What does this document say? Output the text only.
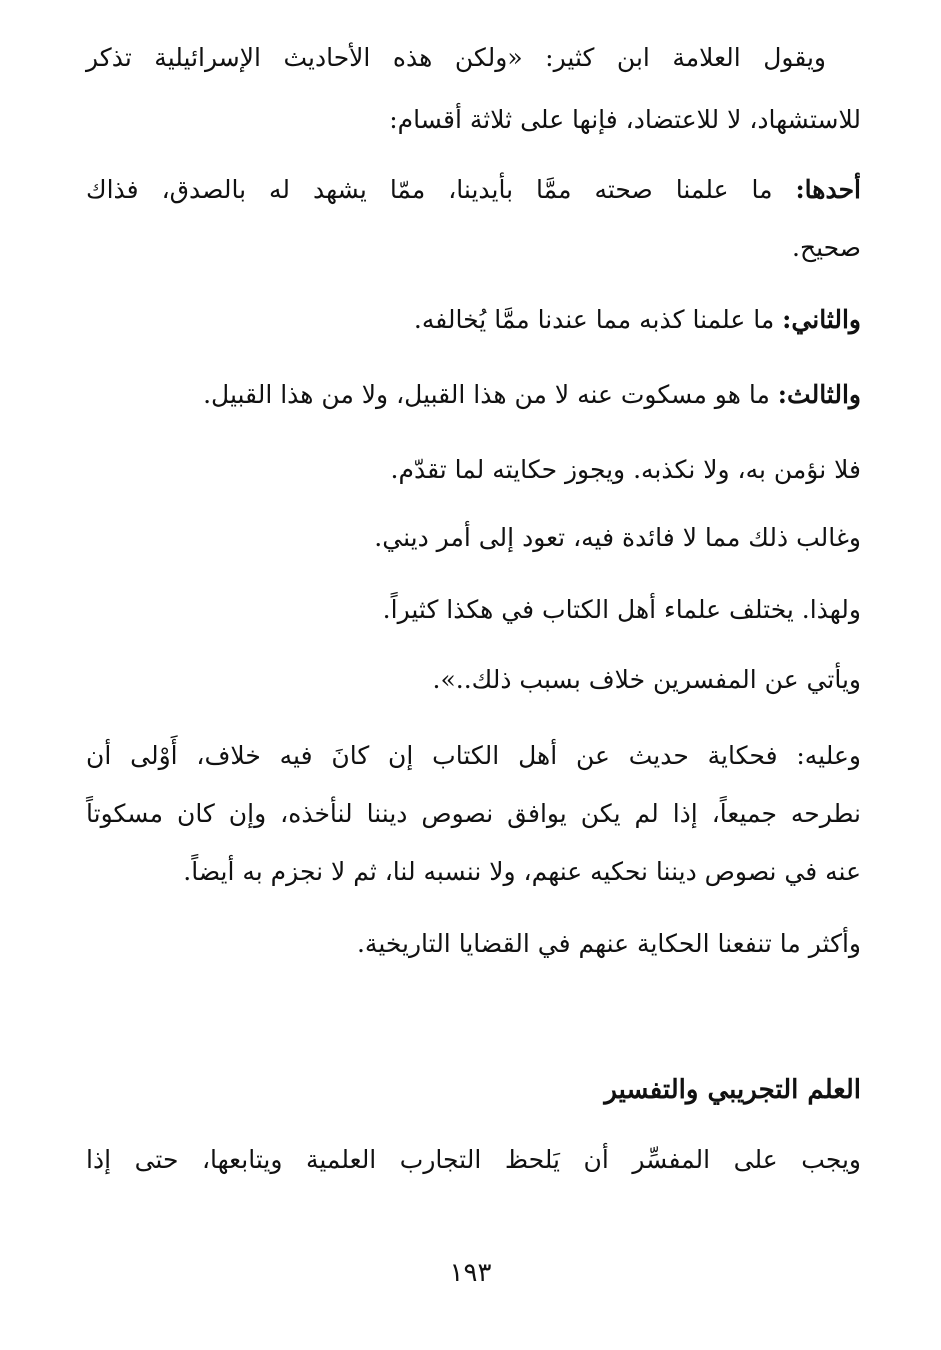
ويقول العلامة ابن كثير: «ولكن هذه الأحاديث الإسرائيلية تذكر
للاستشهاد، لا للاعتضاد، فإنها على ثلاثة أقسام:
أحدها: ما علمنا صحته ممَّا بأيدينا، ممّا يشهد له بالصدق، فذاك
صحيح.
والثاني: ما علمنا كذبه مما عندنا ممَّا يُخالفه.
والثالث: ما هو مسكوت عنه لا من هذا القبيل، ولا من هذا القبيل.
فلا نؤمن به، ولا نكذبه. ويجوز حكايته لما تقدّم.
وغالب ذلك مما لا فائدة فيه، تعود إلى أمر ديني.
ولهذا. يختلف علماء أهل الكتاب في هكذا كثيراً.
ويأتي عن المفسرين خلاف بسبب ذلك..».
وعليه: فحكاية حديث عن أهل الكتاب إن كانَ فيه خلاف، أَوْلى أن
نطرحه جميعاً، إذا لم يكن يوافق نصوص ديننا لنأخذه، وإن كان مسكوتاً
عنه في نصوص ديننا نحكيه عنهم، ولا ننسبه لنا، ثم لا نجزم به أيضاً.
وأكثر ما تنفعنا الحكاية عنهم في القضايا التاريخية.
العلم التجريبي والتفسير
ويجب على المفسِّر أن يَلحظ التجارب العلمية ويتابعها، حتى إذا
١٩٣
